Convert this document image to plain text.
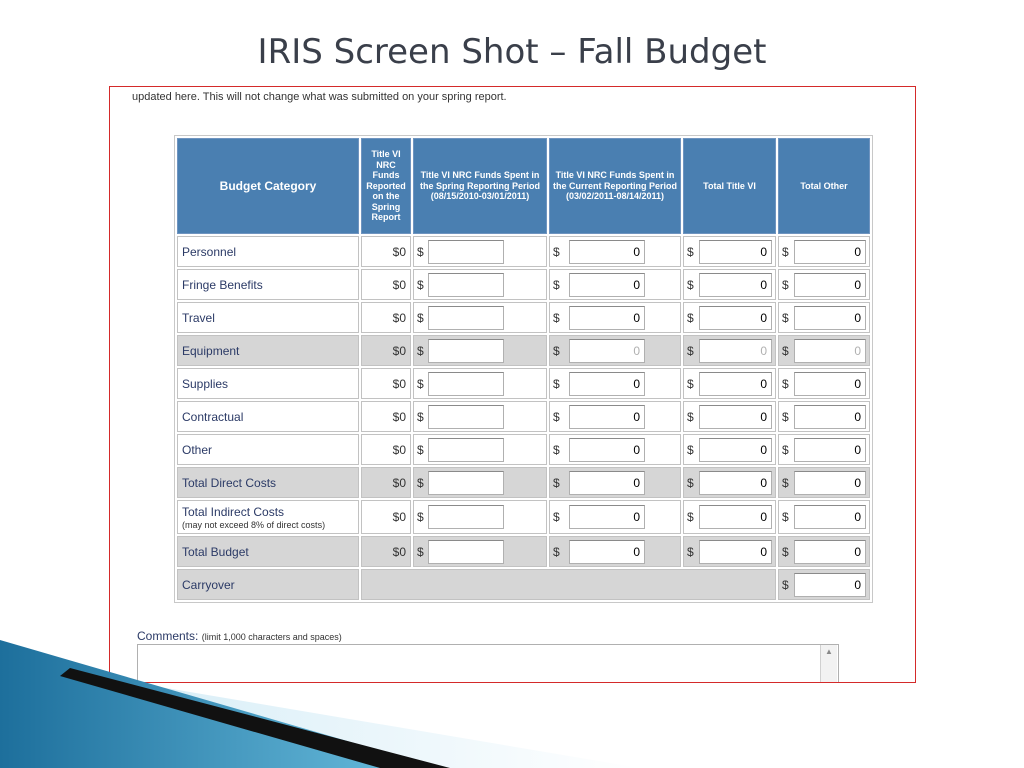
IRIS Screen Shot – Fall Budget
updated here. This will not change what was submitted on your spring report.
Budget Category	Title VI NRC Funds Reported on the Spring Report	Title VI NRC Funds Spent in the Spring Reporting Period (08/15/2010-03/01/2011)	Title VI NRC Funds Spent in the Current Reporting Period (03/02/2011-08/14/2011)	Total Title VI	Total Other
Personnel	$0	$	$0	$0	$0
Fringe Benefits	$0	$	$0	$0	$0
Travel	$0	$	$0	$0	$0
Equipment	$0	$	$0	$0	$0
Supplies	$0	$	$0	$0	$0
Contractual	$0	$	$0	$0	$0
Other	$0	$	$0	$0	$0
Total Direct Costs	$0	$	$0	$0	$0
Total Indirect Costs
(may not exceed 8% of direct costs)	$0	$	$0	$0	$0
Total Budget	$0	$	$0	$0	$0
Carryover					$0
Comments: (limit 1,000 characters and spaces)
▲
